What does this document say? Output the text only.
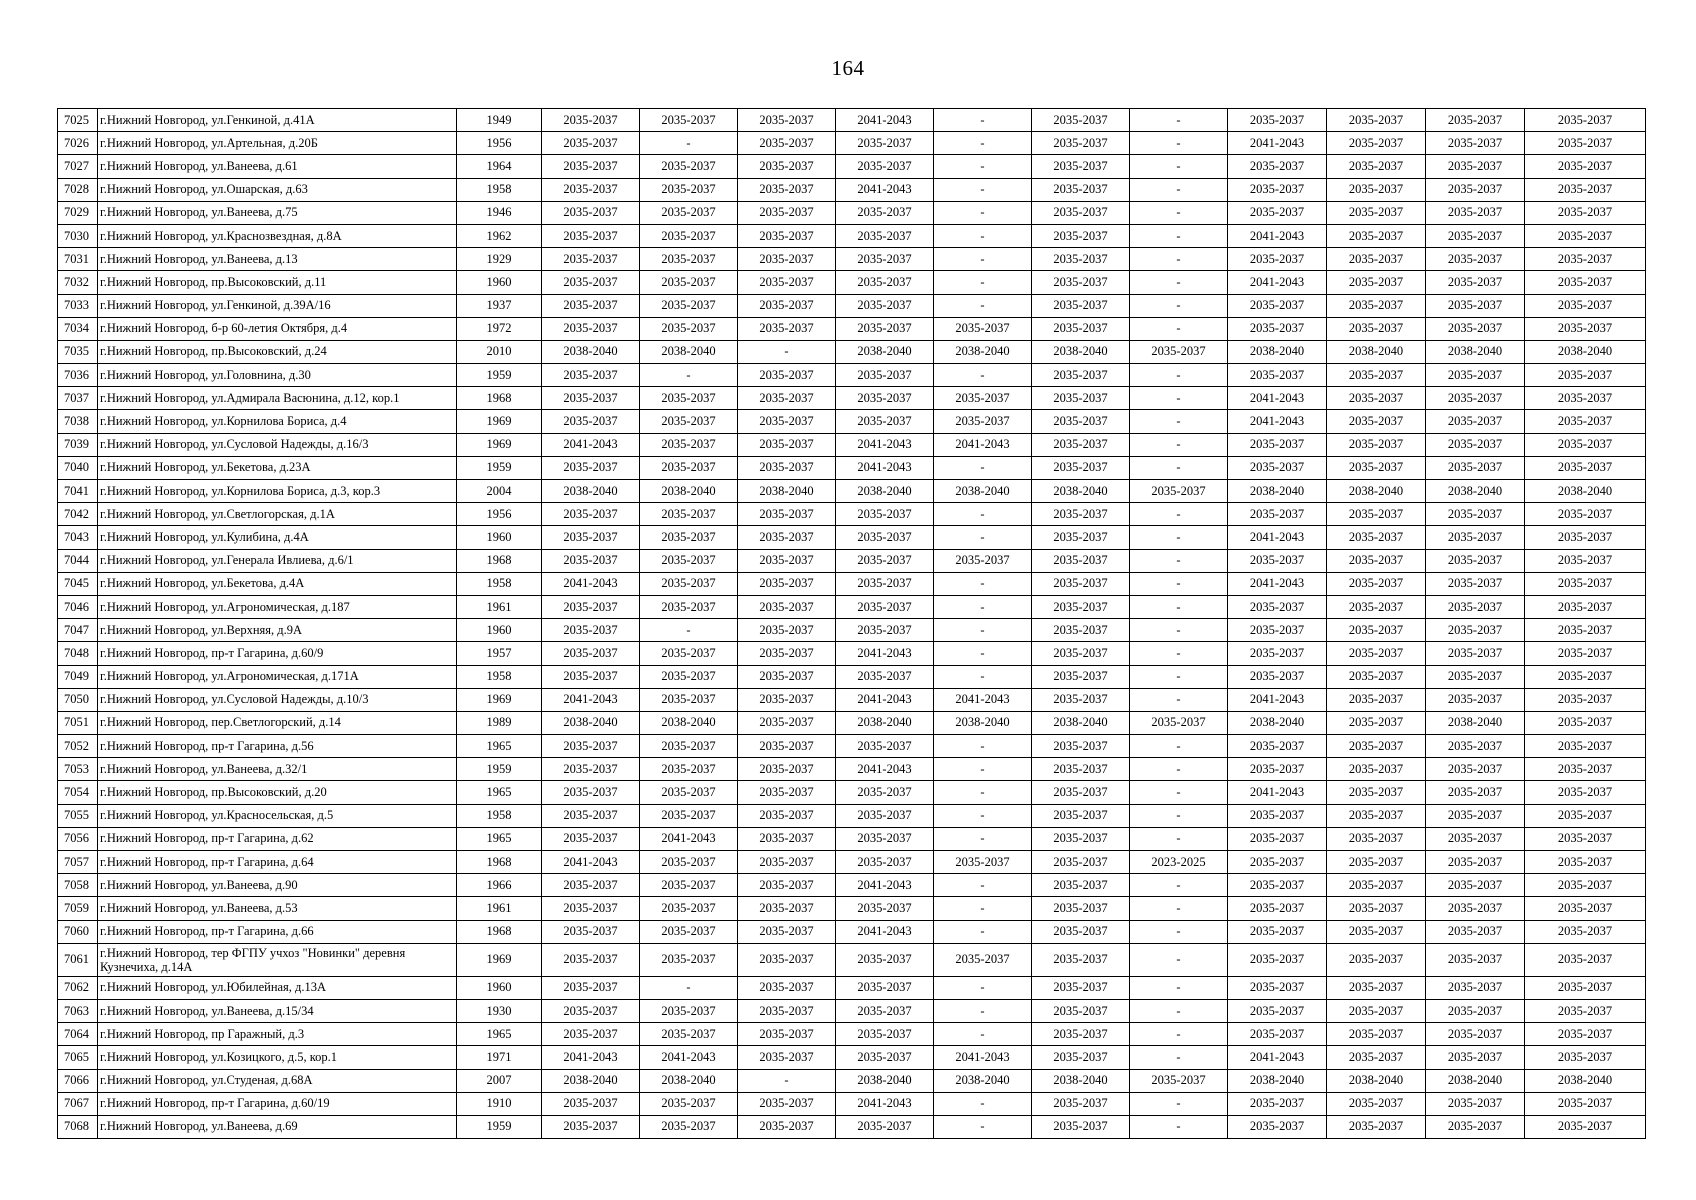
164
7025	г.Нижний Новгород, ул.Генкиной, д.41А	1949	2035-2037	2035-2037	2035-2037	2041-2043	-	2035-2037	-	2035-2037	2035-2037	2035-2037	2035-2037
7026	г.Нижний Новгород, ул.Артельная, д.20Б	1956	2035-2037	-	2035-2037	2035-2037	-	2035-2037	-	2041-2043	2035-2037	2035-2037	2035-2037
7027	г.Нижний Новгород, ул.Ванеева, д.61	1964	2035-2037	2035-2037	2035-2037	2035-2037	-	2035-2037	-	2035-2037	2035-2037	2035-2037	2035-2037
7028	г.Нижний Новгород, ул.Ошарская, д.63	1958	2035-2037	2035-2037	2035-2037	2041-2043	-	2035-2037	-	2035-2037	2035-2037	2035-2037	2035-2037
7029	г.Нижний Новгород, ул.Ванеева, д.75	1946	2035-2037	2035-2037	2035-2037	2035-2037	-	2035-2037	-	2035-2037	2035-2037	2035-2037	2035-2037
7030	г.Нижний Новгород, ул.Краснозвездная, д.8А	1962	2035-2037	2035-2037	2035-2037	2035-2037	-	2035-2037	-	2041-2043	2035-2037	2035-2037	2035-2037
7031	г.Нижний Новгород, ул.Ванеева, д.13	1929	2035-2037	2035-2037	2035-2037	2035-2037	-	2035-2037	-	2035-2037	2035-2037	2035-2037	2035-2037
7032	г.Нижний Новгород, пр.Высоковский, д.11	1960	2035-2037	2035-2037	2035-2037	2035-2037	-	2035-2037	-	2041-2043	2035-2037	2035-2037	2035-2037
7033	г.Нижний Новгород, ул.Генкиной, д.39А/16	1937	2035-2037	2035-2037	2035-2037	2035-2037	-	2035-2037	-	2035-2037	2035-2037	2035-2037	2035-2037
7034	г.Нижний Новгород, б-р 60-летия Октября, д.4	1972	2035-2037	2035-2037	2035-2037	2035-2037	2035-2037	2035-2037	-	2035-2037	2035-2037	2035-2037	2035-2037
7035	г.Нижний Новгород, пр.Высоковский, д.24	2010	2038-2040	2038-2040	-	2038-2040	2038-2040	2038-2040	2035-2037	2038-2040	2038-2040	2038-2040	2038-2040
7036	г.Нижний Новгород, ул.Головнина, д.30	1959	2035-2037	-	2035-2037	2035-2037	-	2035-2037	-	2035-2037	2035-2037	2035-2037	2035-2037
7037	г.Нижний Новгород, ул.Адмирала Васюнина, д.12, кор.1	1968	2035-2037	2035-2037	2035-2037	2035-2037	2035-2037	2035-2037	-	2041-2043	2035-2037	2035-2037	2035-2037
7038	г.Нижний Новгород, ул.Корнилова Бориса, д.4	1969	2035-2037	2035-2037	2035-2037	2035-2037	2035-2037	2035-2037	-	2041-2043	2035-2037	2035-2037	2035-2037
7039	г.Нижний Новгород, ул.Сусловой Надежды, д.16/3	1969	2041-2043	2035-2037	2035-2037	2041-2043	2041-2043	2035-2037	-	2035-2037	2035-2037	2035-2037	2035-2037
7040	г.Нижний Новгород, ул.Бекетова, д.23А	1959	2035-2037	2035-2037	2035-2037	2041-2043	-	2035-2037	-	2035-2037	2035-2037	2035-2037	2035-2037
7041	г.Нижний Новгород, ул.Корнилова Бориса, д.3, кор.3	2004	2038-2040	2038-2040	2038-2040	2038-2040	2038-2040	2038-2040	2035-2037	2038-2040	2038-2040	2038-2040	2038-2040
7042	г.Нижний Новгород, ул.Светлогорская, д.1А	1956	2035-2037	2035-2037	2035-2037	2035-2037	-	2035-2037	-	2035-2037	2035-2037	2035-2037	2035-2037
7043	г.Нижний Новгород, ул.Кулибина, д.4А	1960	2035-2037	2035-2037	2035-2037	2035-2037	-	2035-2037	-	2041-2043	2035-2037	2035-2037	2035-2037
7044	г.Нижний Новгород, ул.Генерала Ивлиева, д.6/1	1968	2035-2037	2035-2037	2035-2037	2035-2037	2035-2037	2035-2037	-	2035-2037	2035-2037	2035-2037	2035-2037
7045	г.Нижний Новгород, ул.Бекетова, д.4А	1958	2041-2043	2035-2037	2035-2037	2035-2037	-	2035-2037	-	2041-2043	2035-2037	2035-2037	2035-2037
7046	г.Нижний Новгород, ул.Агрономическая, д.187	1961	2035-2037	2035-2037	2035-2037	2035-2037	-	2035-2037	-	2035-2037	2035-2037	2035-2037	2035-2037
7047	г.Нижний Новгород, ул.Верхняя, д.9А	1960	2035-2037	-	2035-2037	2035-2037	-	2035-2037	-	2035-2037	2035-2037	2035-2037	2035-2037
7048	г.Нижний Новгород, пр-т Гагарина, д.60/9	1957	2035-2037	2035-2037	2035-2037	2041-2043	-	2035-2037	-	2035-2037	2035-2037	2035-2037	2035-2037
7049	г.Нижний Новгород, ул.Агрономическая, д.171А	1958	2035-2037	2035-2037	2035-2037	2035-2037	-	2035-2037	-	2035-2037	2035-2037	2035-2037	2035-2037
7050	г.Нижний Новгород, ул.Сусловой Надежды, д.10/3	1969	2041-2043	2035-2037	2035-2037	2041-2043	2041-2043	2035-2037	-	2041-2043	2035-2037	2035-2037	2035-2037
7051	г.Нижний Новгород, пер.Светлогорский, д.14	1989	2038-2040	2038-2040	2035-2037	2038-2040	2038-2040	2038-2040	2035-2037	2038-2040	2035-2037	2038-2040	2035-2037
7052	г.Нижний Новгород, пр-т Гагарина, д.56	1965	2035-2037	2035-2037	2035-2037	2035-2037	-	2035-2037	-	2035-2037	2035-2037	2035-2037	2035-2037
7053	г.Нижний Новгород, ул.Ванеева, д.32/1	1959	2035-2037	2035-2037	2035-2037	2041-2043	-	2035-2037	-	2035-2037	2035-2037	2035-2037	2035-2037
7054	г.Нижний Новгород, пр.Высоковский, д.20	1965	2035-2037	2035-2037	2035-2037	2035-2037	-	2035-2037	-	2041-2043	2035-2037	2035-2037	2035-2037
7055	г.Нижний Новгород, ул.Красносельская, д.5	1958	2035-2037	2035-2037	2035-2037	2035-2037	-	2035-2037	-	2035-2037	2035-2037	2035-2037	2035-2037
7056	г.Нижний Новгород, пр-т Гагарина, д.62	1965	2035-2037	2041-2043	2035-2037	2035-2037	-	2035-2037	-	2035-2037	2035-2037	2035-2037	2035-2037
7057	г.Нижний Новгород, пр-т Гагарина, д.64	1968	2041-2043	2035-2037	2035-2037	2035-2037	2035-2037	2035-2037	2023-2025	2035-2037	2035-2037	2035-2037	2035-2037
7058	г.Нижний Новгород, ул.Ванеева, д.90	1966	2035-2037	2035-2037	2035-2037	2041-2043	-	2035-2037	-	2035-2037	2035-2037	2035-2037	2035-2037
7059	г.Нижний Новгород, ул.Ванеева, д.53	1961	2035-2037	2035-2037	2035-2037	2035-2037	-	2035-2037	-	2035-2037	2035-2037	2035-2037	2035-2037
7060	г.Нижний Новгород, пр-т Гагарина, д.66	1968	2035-2037	2035-2037	2035-2037	2041-2043	-	2035-2037	-	2035-2037	2035-2037	2035-2037	2035-2037
7061	г.Нижний Новгород, тер ФГПУ учхоз "Новинки" деревня Кузнечиха, д.14А	1969	2035-2037	2035-2037	2035-2037	2035-2037	2035-2037	2035-2037	-	2035-2037	2035-2037	2035-2037	2035-2037
7062	г.Нижний Новгород, ул.Юбилейная, д.13А	1960	2035-2037	-	2035-2037	2035-2037	-	2035-2037	-	2035-2037	2035-2037	2035-2037	2035-2037
7063	г.Нижний Новгород, ул.Ванеева, д.15/34	1930	2035-2037	2035-2037	2035-2037	2035-2037	-	2035-2037	-	2035-2037	2035-2037	2035-2037	2035-2037
7064	г.Нижний Новгород, пр Гаражный, д.3	1965	2035-2037	2035-2037	2035-2037	2035-2037	-	2035-2037	-	2035-2037	2035-2037	2035-2037	2035-2037
7065	г.Нижний Новгород, ул.Козицкого, д.5, кор.1	1971	2041-2043	2041-2043	2035-2037	2035-2037	2041-2043	2035-2037	-	2041-2043	2035-2037	2035-2037	2035-2037
7066	г.Нижний Новгород, ул.Студеная, д.68А	2007	2038-2040	2038-2040	-	2038-2040	2038-2040	2038-2040	2035-2037	2038-2040	2038-2040	2038-2040	2038-2040
7067	г.Нижний Новгород, пр-т Гагарина, д.60/19	1910	2035-2037	2035-2037	2035-2037	2041-2043	-	2035-2037	-	2035-2037	2035-2037	2035-2037	2035-2037
7068	г.Нижний Новгород, ул.Ванеева, д.69	1959	2035-2037	2035-2037	2035-2037	2035-2037	-	2035-2037	-	2035-2037	2035-2037	2035-2037	2035-2037
